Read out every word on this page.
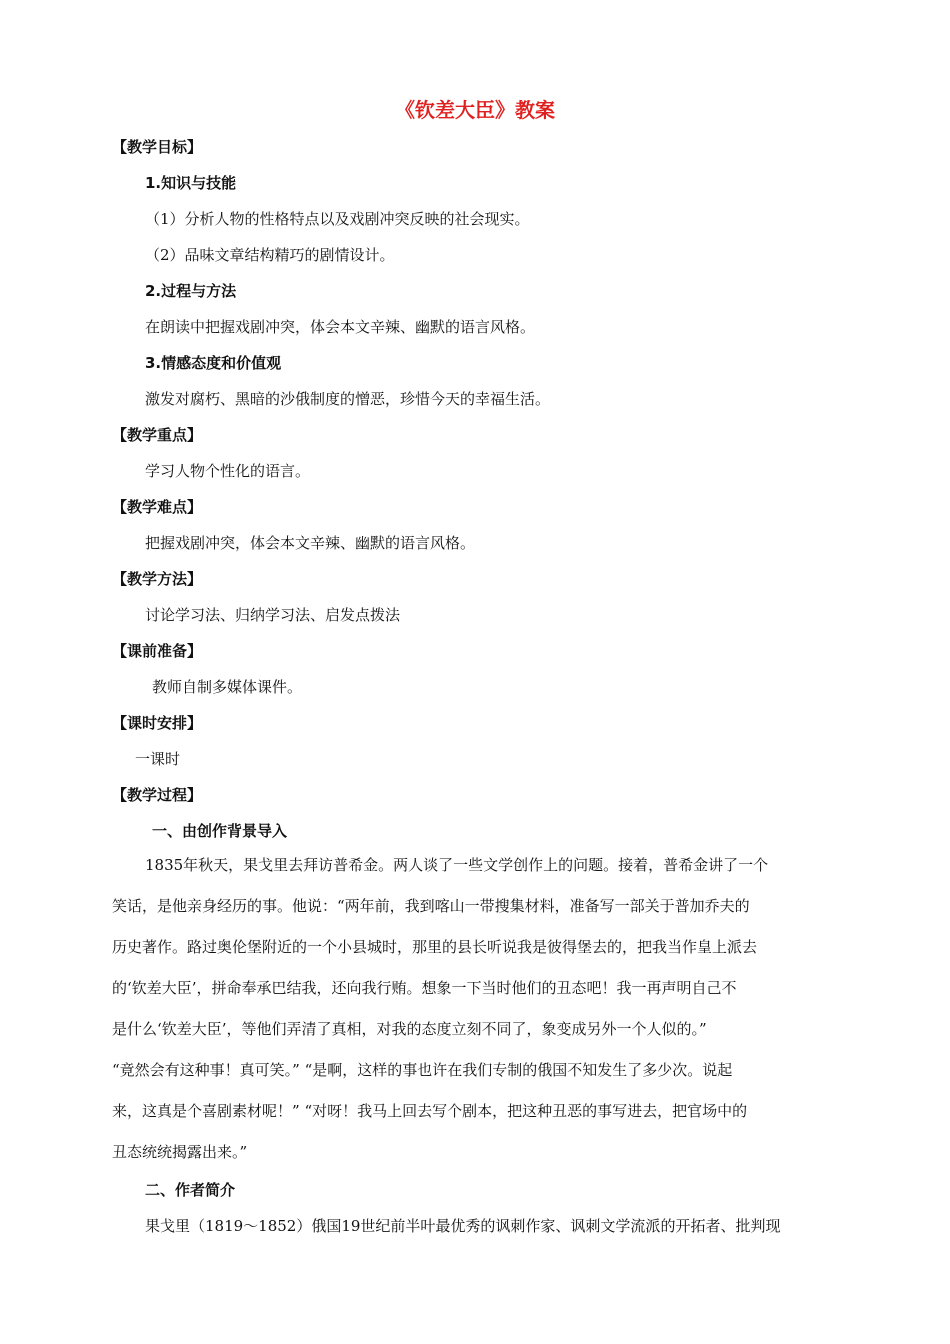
《钦差大臣》教案
【教学目标】
1.知识与技能
（1）分析人物的性格特点以及戏剧冲突反映的社会现实。
（2）品味文章结构精巧的剧情设计。
2.过程与方法
在朗读中把握戏剧冲突，体会本文辛辣、幽默的语言风格。
3.情感态度和价值观
激发对腐朽、黑暗的沙俄制度的憎恶，珍惜今天的幸福生活。
【教学重点】
学习人物个性化的语言。
【教学难点】
把握戏剧冲突，体会本文辛辣、幽默的语言风格。
【教学方法】
讨论学习法、归纳学习法、启发点拨法
【课前准备】
教师自制多媒体课件。
【课时安排】
一课时
【教学过程】
一、由创作背景导入
1835年秋天，果戈里去拜访普希金。两人谈了一些文学创作上的问题。接着，普希金讲了一个
笑话，是他亲身经历的事。他说：“两年前，我到喀山一带搜集材料，准备写一部关于普加乔夫的
历史著作。路过奥伦堡附近的一个小县城时，那里的县长听说我是彼得堡去的，把我当作皇上派去
的‘钦差大臣’，拼命奉承巴结我，还向我行贿。想象一下当时他们的丑态吧！我一再声明自己不
是什么‘钦差大臣’，等他们弄清了真相，对我的态度立刻不同了，象变成另外一个人似的。”
“竟然会有这种事！真可笑。” “是啊，这样的事也许在我们专制的俄国不知发生了多少次。说起
来，这真是个喜剧素材呢！” “对呀！我马上回去写个剧本，把这种丑恶的事写进去，把官场中的
丑态统统揭露出来。”
二、作者简介
果戈里（1819～1852）俄国19世纪前半叶最优秀的讽刺作家、讽刺文学流派的开拓者、批判现
